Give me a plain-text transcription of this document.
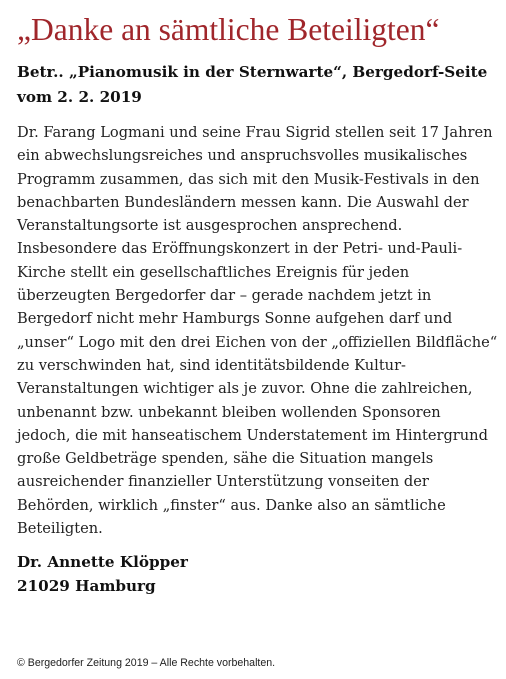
„Danke an sämtliche Beteiligten“
Betr.. „Pianomusik in der Sternwarte“, Bergedorf-Seite
vom 2. 2. 2019
Dr. Farang Logmani und seine Frau Sigrid stellen seit 17 Jahren
ein abwechslungsreiches und anspruchsvolles musikalisches
Programm zusammen, das sich mit den Musik-Festivals in den
benachbarten Bundesländern messen kann. Die Auswahl der
Veranstaltungsorte ist ausgesprochen ansprechend.
Insbesondere das Eröffnungskonzert in der Petri- und-Pauli-
Kirche stellt ein gesellschaftliches Ereignis für jeden
überzeugten Bergedorfer dar – gerade nachdem jetzt in
Bergedorf nicht mehr Hamburgs Sonne aufgehen darf und
„unser“ Logo mit den drei Eichen von der „offiziellen Bildfläche“
zu verschwinden hat, sind identitätsbildende Kultur-
Veranstaltungen wichtiger als je zuvor. Ohne die zahlreichen,
unbenannt bzw. unbekannt bleiben wollenden Sponsoren
jedoch, die mit hanseatischem Understatement im Hintergrund
große Geldbeträge spenden, sähe die Situation mangels
ausreichender finanzieller Unterstützung vonseiten der
Behörden, wirklich „finster“ aus. Danke also an sämtliche
Beteiligten.
Dr. Annette Klöpper
21029 Hamburg
© Bergedorfer Zeitung 2019 – Alle Rechte vorbehalten.
